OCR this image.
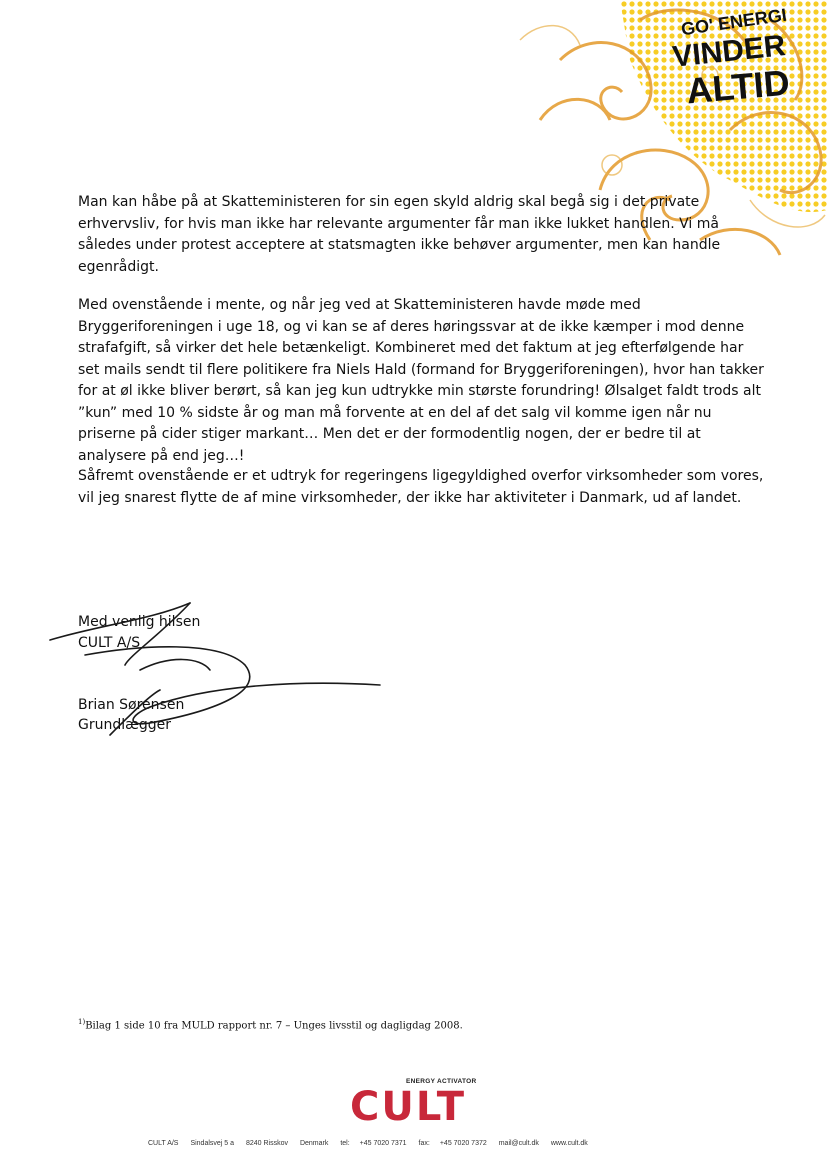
GO' ENERGI
VINDER
ALTID

Man kan håbe på at Skatteministeren for sin egen skyld aldrig skal begå sig i det private erhvervsliv, for hvis man ikke har relevante argumenter får man ikke lukket handlen. Vi må således under protest acceptere at statsmagten ikke behøver argumenter, men kan handle egenrådigt.

Med ovenstående i mente, og når jeg ved at Skatteministeren havde møde med Bryggeriforeningen i uge 18, og vi kan se af deres høringssvar at de ikke kæmper i mod denne strafafgift, så virker det hele betænkeligt. Kombineret med det faktum at jeg efterfølgende har set mails sendt til flere politikere fra Niels Hald (formand for Bryggeriforeningen), hvor han takker for at øl ikke bliver berørt, så kan jeg kun udtrykke min største forundring! Ølsalget faldt trods alt ”kun” med 10 % sidste år og man må forvente at en del af det salg vil komme igen når nu priserne på cider stiger markant… Men det er der formodentlig nogen, der er bedre til at analysere på end jeg…!

Såfremt ovenstående er et udtryk for regeringens ligegyldighed overfor virksomheder som vores, vil jeg snarest flytte de af mine virksomheder, der ikke har aktiviteter i Danmark, ud af landet.

Med venlig hilsen

CULT A/S

Brian Sørensen

Grundlægger

$^{1)}$Bilag 1 side 10 fra MULD rapport nr. 7 – Unges livsstil og dagligdag 2008.

ENERGY ACTIVATOR
CULT

CULT A/S Sindalsvej 5 a 8240 Risskov Denmark tel: +45 7020 7371 fax: +45 7020 7372 mail@cult.dk www.cult.dk
